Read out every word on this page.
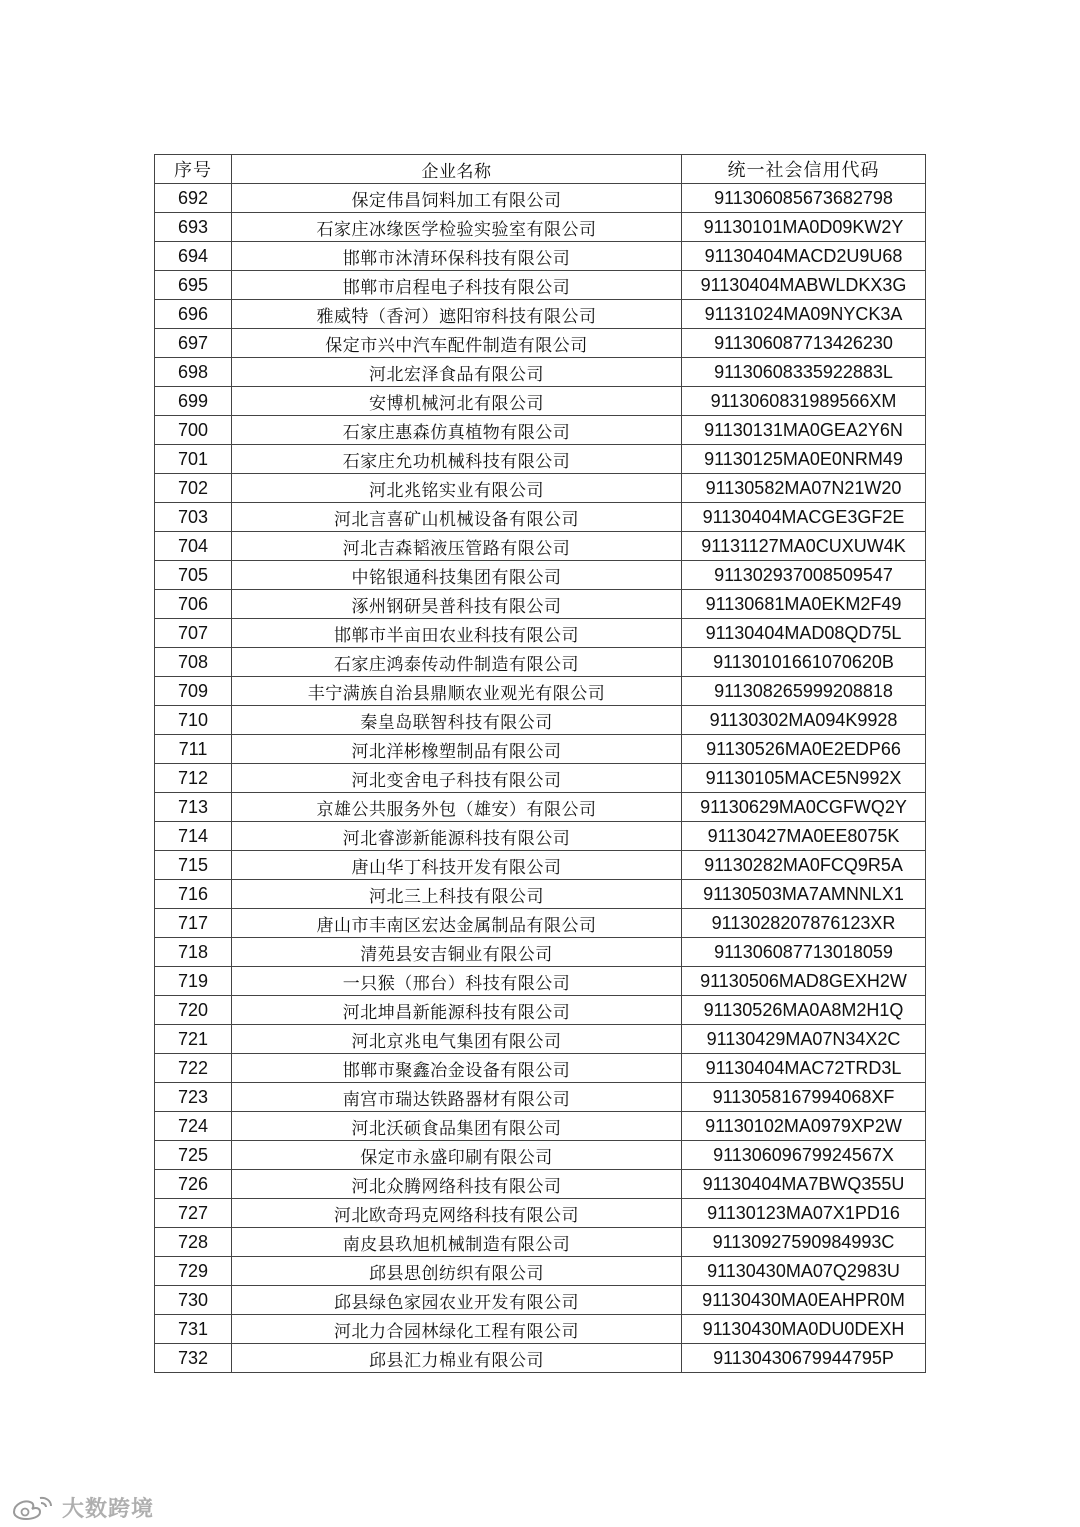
序号	企业名称	统一社会信用代码
692	保定伟昌饲料加工有限公司	91130608567368279​8
693	石家庄冰缘医学检验实验室有限公司	91130101MA0D09KW2Y
694	邯郸市沐清环保科技有限公司	91130404MACD2U9U68
695	邯郸市启程电子科技有限公司	91130404MABWLDKX3G
696	雅威特（香河）遮阳帘科技有限公司	91131024MA09NYCK3A
697	保定市兴中汽车配件制造有限公司	911306087713426230
698	河北宏泽食品有限公司	91130608335922883L
699	安博机械河北有限公司	9113060831989566XM
700	石家庄惠森仿真植物有限公司	91130131MA0GEA2Y6N
701	石家庄允功机械科技有限公司	91130125MA0E0NRM49
702	河北兆铭实业有限公司	91130582MA07N21W20
703	河北言喜矿山机械设备有限公司	91130404MACGE3GF2E
704	河北吉森韬液压管路有限公司	91131127MA0CUXUW4K
705	中铭银通科技集团有限公司	911302937008509547
706	涿州钢研昊普科技有限公司	91130681MA0EKM2F49
707	邯郸市半亩田农业科技有限公司	91130404MAD08QD75L
708	石家庄鸿泰传动件制造有限公司	91130101661070620B
709	丰宁满族自治县鼎顺农业观光有限公司	911308265999208818
710	秦皇岛联智科技有限公司	91130302MA094K9928
711	河北洋彬橡塑制品有限公司	91130526MA0E2EDP66
712	河北变舍电子科技有限公司	91130105MACE5N992X
713	京雄公共服务外包（雄安）有限公司	91130629MA0CGFWQ2Y
714	河北睿澎新能源科技有限公司	91130427MA0EE8075K
715	唐山华丁科技开发有限公司	91130282MA0FCQ9R5A
716	河北三上科技有限公司	91130503MA7AMNNLX1
717	唐山市丰南区宏达金属制品有限公司	9113028207876123XR
718	清苑县安吉铜业有限公司	911306087713018059
719	一只猴（邢台）科技有限公司	91130506MAD8GEXH2W
720	河北坤昌新能源科技有限公司	91130526MA0A8M2H1Q
721	河北京兆电气集团有限公司	91130429MA07N34X2C
722	邯郸市聚鑫冶金设备有限公司	91130404MAC72TRD3L
723	南宫市瑞达铁路器材有限公司	9113058167994068XF
724	河北沃硕食品集团有限公司	91130102MA0979XP2W
725	保定市永盛印刷有限公司	91130609679924567X
726	河北众腾网络科技有限公司	91130404MA7BWQ355U
727	河北欧奇玛克网络科技有限公司	91130123MA07X1PD16
728	南皮县玖旭机械制造有限公司	91130927590984993C
729	邱县思创纺织有限公司	91130430MA07Q2983U
730	邱县绿色家园农业开发有限公司	91130430MA0EAHPR0M
731	河北力合园林绿化工程有限公司	91130430MA0DU0DEXH
732	邱县汇力棉业有限公司	91130430679944795P
大数跨境
